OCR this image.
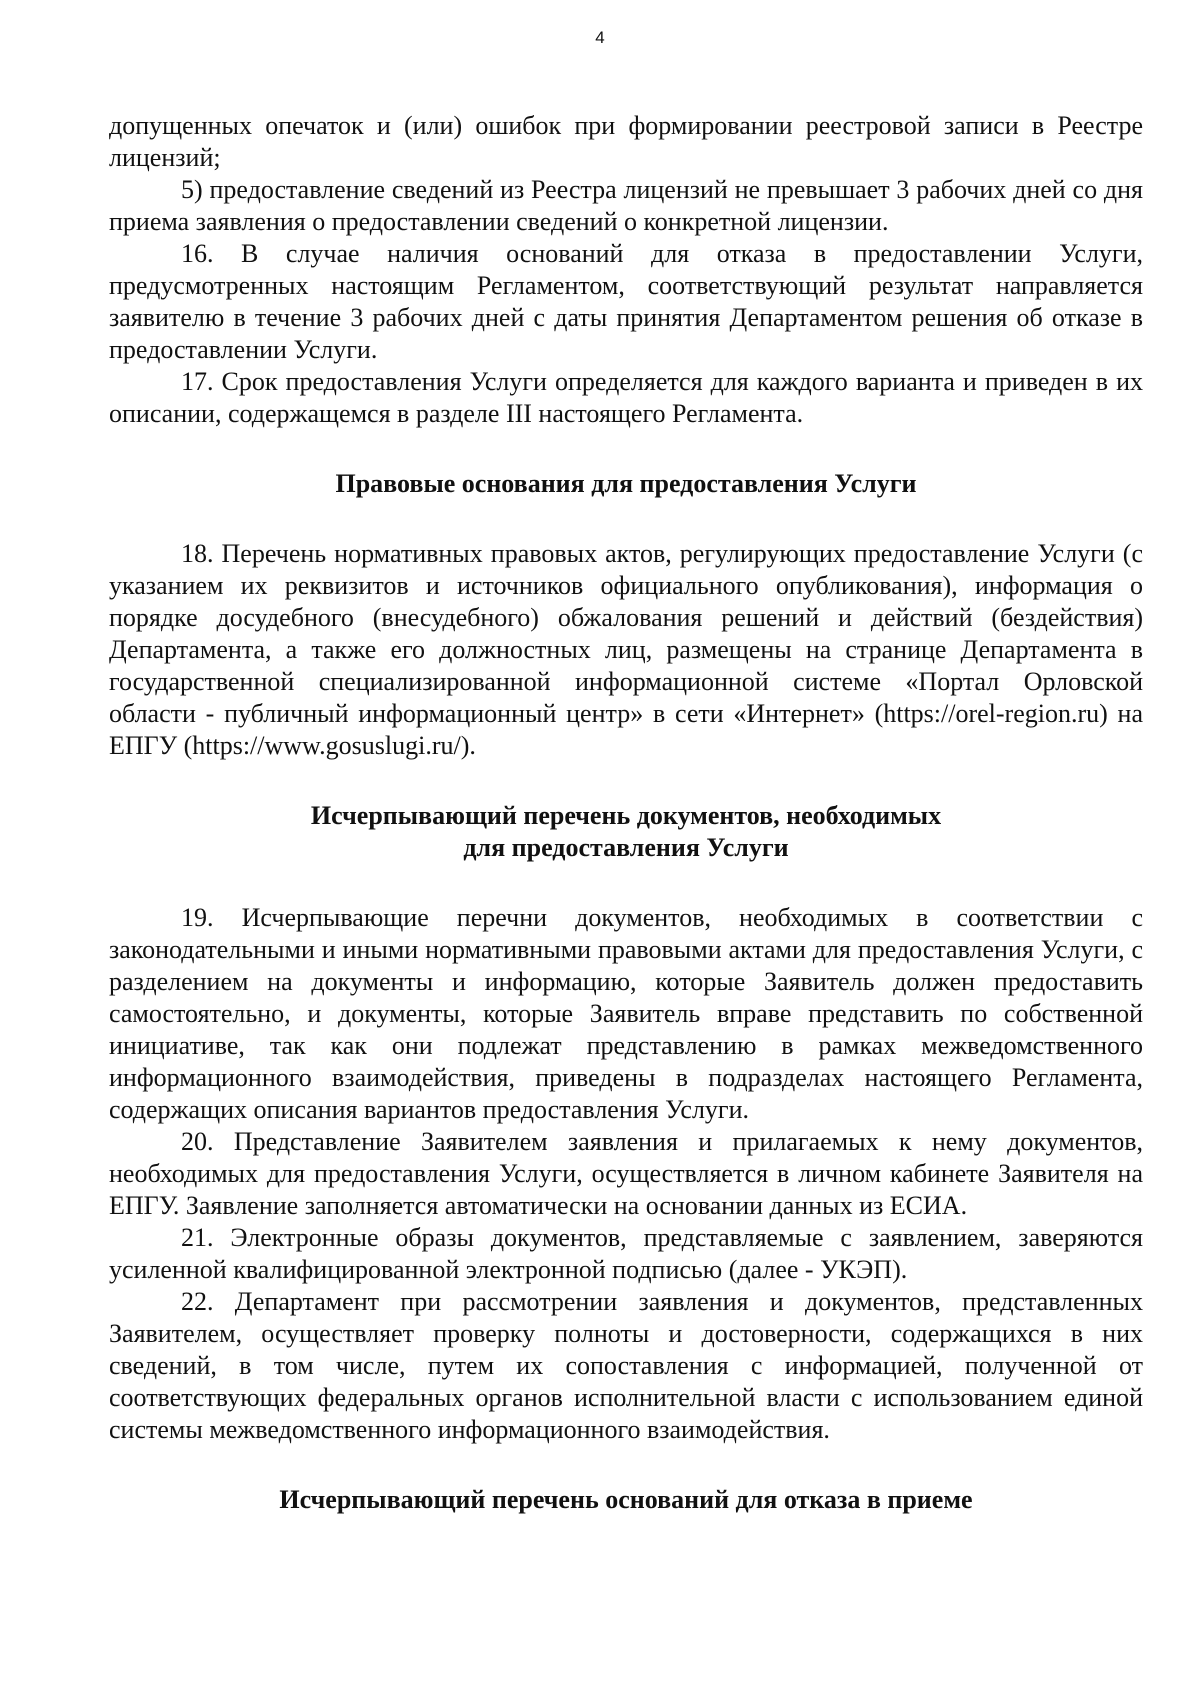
4

допущенных опечаток и (или) ошибок при формировании реестровой записи в Реестре лицензий;

5) предоставление сведений из Реестра лицензий не превышает 3 рабочих дней со дня приема заявления о предоставлении сведений о конкретной лицензии.

16. В случае наличия оснований для отказа в предоставлении Услуги, предусмотренных настоящим Регламентом, соответствующий результат направляется заявителю в течение 3 рабочих дней с даты принятия Департаментом решения об отказе в предоставлении Услуги.

17. Срок предоставления Услуги определяется для каждого варианта и приведен в их описании, содержащемся в разделе III настоящего Регламента.

Правовые основания для предоставления Услуги

18. Перечень нормативных правовых актов, регулирующих предоставление Услуги (с указанием их реквизитов и источников официального опубликования), информация о порядке досудебного (внесудебного) обжалования решений и действий (бездействия) Департамента, а также его должностных лиц, размещены на странице Департамента в государственной специализированной информационной системе «Портал Орловской области - публичный информационный центр» в сети «Интернет» (https://orel-region.ru) на ЕПГУ (https://www.gosuslugi.ru/).

Исчерпывающий перечень документов, необходимых
для предоставления Услуги

19. Исчерпывающие перечни документов, необходимых в соответствии с законодательными и иными нормативными правовыми актами для предоставления Услуги, с разделением на документы и информацию, которые Заявитель должен предоставить самостоятельно, и документы, которые Заявитель вправе представить по собственной инициативе, так как они подлежат представлению в рамках межведомственного информационного взаимодействия, приведены в подразделах настоящего Регламента, содержащих описания вариантов предоставления Услуги.

20. Представление Заявителем заявления и прилагаемых к нему документов, необходимых для предоставления Услуги, осуществляется в личном кабинете Заявителя на ЕПГУ. Заявление заполняется автоматически на основании данных из ЕСИА.

21. Электронные образы документов, представляемые с заявлением, заверяются усиленной квалифицированной электронной подписью (далее - УКЭП).

22. Департамент при рассмотрении заявления и документов, представленных Заявителем, осуществляет проверку полноты и достоверности, содержащихся в них сведений, в том числе, путем их сопоставления с информацией, полученной от соответствующих федеральных органов исполнительной власти с использованием единой системы межведомственного информационного взаимодействия.

Исчерпывающий перечень оснований для отказа в приеме
